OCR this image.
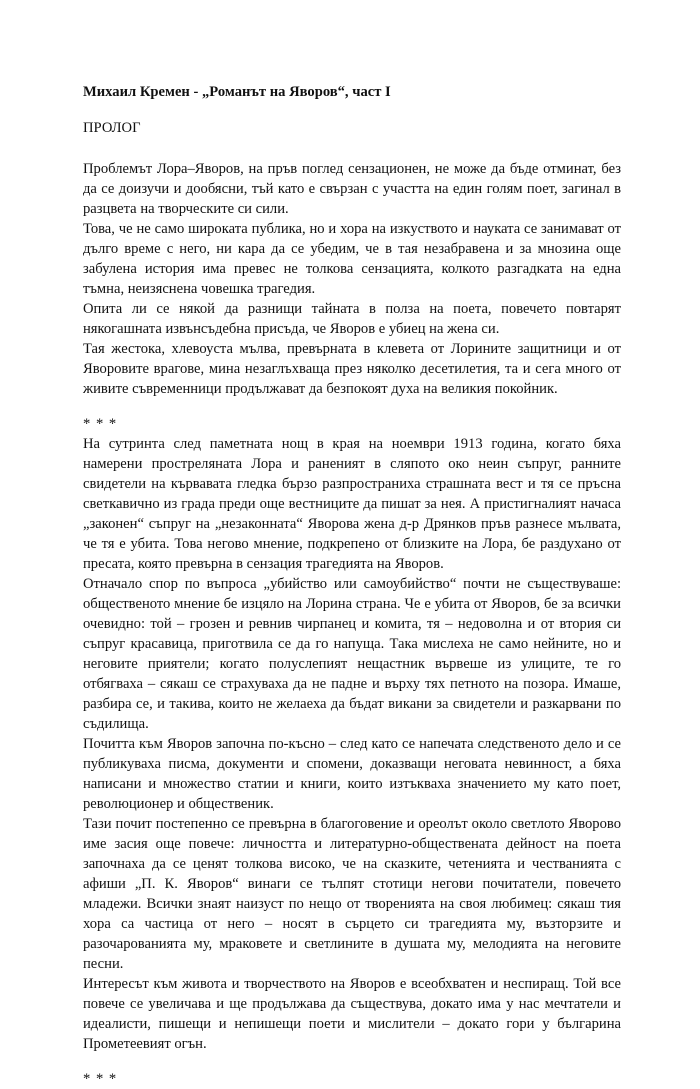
Михаил Кремен - „Романът на Яворов“, част I

ПРОЛОГ

Проблемът Лора–Яворов, на пръв поглед сензационен, не може да бъде отминат, без да се доизучи и дообясни, тъй като е свързан с участта на един голям поет, загинал в разцвета на творческите си сили.

Това, че не само широката публика, но и хора на изкуството и науката се занимават от дълго време с него, ни кара да се убедим, че в тая незабравена и за мнозина още забулена история има превес не толкова сензацията, колкото разгадката на една тъмна, неизяснена човешка трагедия.

Опита ли се някой да разнищи тайната в полза на поета, повечето повтарят някогашната извънсъдебна присъда, че Яворов е убиец на жена си.

Тая жестока, хлевоуста мълва, превърната в клевета от Лорините защитници и от Яворовите врагове, мина незаглъхваща през няколко десетилетия, та и сега много от живите съвременници продължават да безпокоят духа на великия покойник.

* * *

На сутринта след паметната нощ в края на ноември 1913 година, когато бяха намерени простреляната Лора и раненият в сляпото око неин съпруг, ранните свидетели на кървавата гледка бързо разпространиха страшната вест и тя се пръсна светкавично из града преди още вестниците да пишат за нея. А пристигналият начаса „законен“ съпруг на „незаконната“ Яворова жена д-р Дрянков пръв разнесе мълвата, че тя е убита. Това негово мнение, подкрепено от близките на Лора, бе раздухано от пресата, която превърна в сензация трагедията на Яворов.

Отначало спор по въпроса „убийство или самоубийство“ почти не съществуваше: общественото мнение бе изцяло на Лорина страна. Че е убита от Яворов, бе за всички очевидно: той – грозен и ревнив чирпанец и комита, тя – недоволна и от втория си съпруг красавица, приготвила се да го напуща. Така мислеха не само нейните, но и неговите приятели; когато полуслепият нещастник вървеше из улиците, те го отбягваха – сякаш се страхуваха да не падне и върху тях петното на позора. Имаше, разбира се, и такива, които не желаеха да бъдат викани за свидетели и разкарвани по съдилища.

Почитта към Яворов започна по-късно – след като се напечата следственото дело и се публикуваха писма, документи и спомени, доказващи неговата невинност, а бяха написани и множество статии и книги, които изтъкваха значението му като поет, революционер и общественик.

Тази почит постепенно се превърна в благоговение и ореолът около светлото Яворово име засия още повече: личността и литературно-обществената дейност на поета започнаха да се ценят толкова високо, че на сказките, четенията и честванията с афиши „П. К. Яворов“ винаги се тълпят стотици негови почитатели, повечето младежи. Всички знаят наизуст по нещо от творенията на своя любимец: сякаш тия хора са частица от него – носят в сърцето си трагедията му, възторзите и разочарованията му, мраковете и светлините в душата му, мелодията на неговите песни.

Интересът към живота и творчеството на Яворов е всеобхватен и неспиращ. Той все повече се увеличава и ще продължава да съществува, докато има у нас мечтатели и идеалисти, пишещи и непишещи поети и мислители – докато гори у българина Прометеевият огън.

* * *
